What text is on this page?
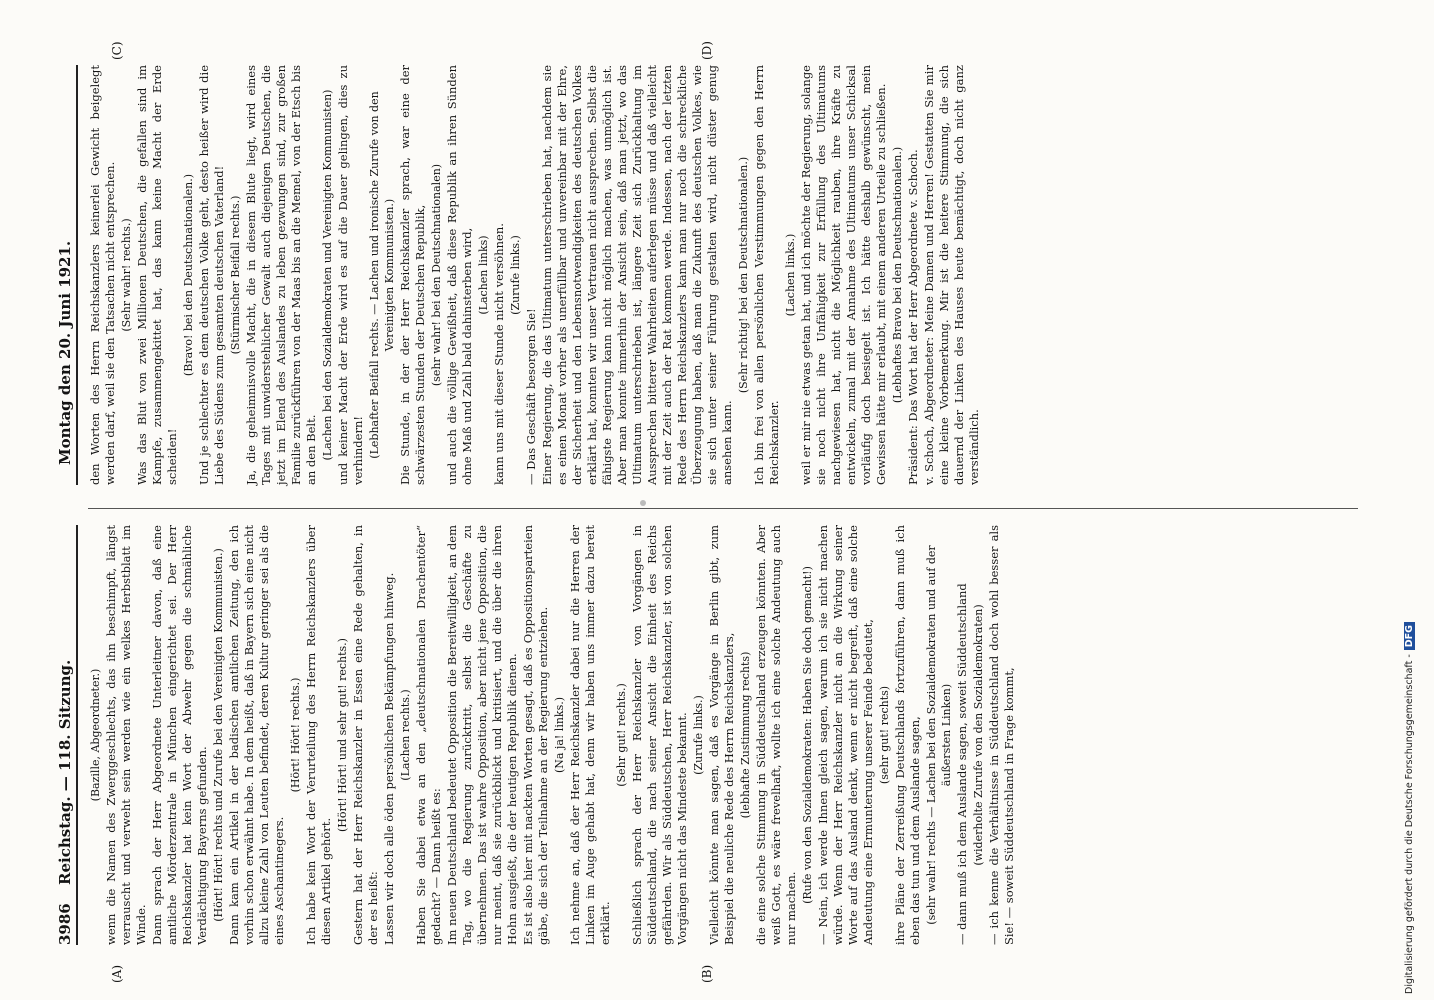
3986
Reichstag. — 118. Sitzung.
Montag den 20. Juni 1921.
(A)	(B)
(C)	(D)

(Bazille, Abgeordneter.) wenn die Namen des Zwerggeschlechts, das ihn beschimpft, längst verrauscht und verweht sein werden wie ein welkes Herbstblatt im Winde. Dann sprach der Herr Abgeordnete Unterleitner davon, daß eine amtliche Mörderzentrale in München eingerichtet sei. Der Herr Reichskanzler hat kein Wort der Abwehr gegen die schmähliche Verdächtigung Bayerns gefunden. (Hört! Hört! rechts und Zurufe bei den Vereinigten Kommunisten.) Dann kam ein Artikel in der badischen amtlichen Zeitung, den ich vorhin schon erwähnt habe. In dem heißt, daß in Bayern sich eine nicht allzu kleine Zahl von Leuten befindet, deren Kultur geringer sei als die eines Aschantinegers.

(Hört! Hört! rechts.) Ich habe kein Wort der Verurteilung des Herrn Reichskanzlers über diesen Artikel gehört.

(Hört! Hört! und sehr gut! rechts.) Gestern hat der Herr Reichskanzler in Essen eine Rede gehalten, in der es heißt: Lassen wir doch alle öden persönlichen Bekämpfungen hinweg. (Lachen rechts.) Haben Sie dabei etwa an den „deutschnationalen Drachentöter“ gedacht? — Dann heißt es: Im neuen Deutschland bedeutet Opposition die Bereitwilligkeit, an dem Tag, wo die Regierung zurücktritt, selbst die Geschäfte zu übernehmen. Das ist wahre Opposition, aber nicht jene Opposition, die nur meint, daß sie zurückblickt und kritisiert, und die über die ihren Hohn ausgießt, die der heutigen Republik dienen. Es ist also hier mit nackten Worten gesagt, daß es Oppositionsparteien gäbe, die sich der Teilnahme an der Regierung entziehen. (Na ja! links.) Ich nehme an, daß der Herr Reichskanzler dabei nur die Herren der Linken im Auge gehabt hat, denn wir haben uns immer dazu bereit erklärt.

(Sehr gut! rechts.) Schließlich sprach der Herr Reichskanzler von Vorgängen in Süddeutschland, die nach seiner Ansicht die Einheit des Reichs gefährden. Wir als Süddeutschen, Herr Reichskanzler, ist von solchen Vorgängen nicht das Mindeste bekannt. (Zurufe links.) Vielleicht könnte man sagen, daß es Vorgänge in Berlin gibt, zum Beispiel die neuliche Rede des Herrn Reichskanzlers, (lebhafte Zustimmung rechts) die eine solche Stimmung in Süddeutschland erzeugen könnten. Aber weiß Gott, es wäre frevelhaft, wollte ich eine solche Andeutung auch nur machen.

(Rufe von den Sozialdemokraten: Haben Sie doch gemacht!) — Nein, ich werde Ihnen gleich sagen, warum ich sie nicht machen würde. Wenn der Herr Reichskanzler nicht an die Wirkung seiner Worte auf das Ausland denkt, wenn er nicht begreift, daß eine solche Andeutung eine Ermunterung unserer Feinde bedeutet, (sehr gut! rechts) ihre Pläne der Zerreißung Deutschlands fortzuführen, dann muß ich eben das tun und dem Auslande sagen, (sehr wahr! rechts — Lachen bei den Sozialdemokraten und auf der äußersten Linken) — dann muß ich dem Auslande sagen, soweit Süddeutschland (widerholte Zurufe von den Sozialdemokraten) — ich kenne die Verhältnisse in Süddeutschland doch wohl besser als Sie! — soweit Süddeutschland in Frage kommt,

den Worten des Herrn Reichskanzlers keinerlei Gewicht beigelegt werden darf, weil sie den Tatsachen nicht entsprechen. (Sehr wahr! rechts.) Was das Blut von zwei Millionen Deutschen, die gefallen sind im Kampfe, zusammengekittet hat, das kann keine Macht der Erde scheiden!

(Bravo! bei den Deutschnationalen.) Und je schlechter es dem deutschen Volke geht, desto heißer wird die Liebe des Südens zum gesamten deutschen Vaterland! (Stürmischer Beifall rechts.) Ja, die geheimnisvolle Macht, die in diesem Blute liegt, wird eines Tages mit unwiderstehlicher Gewalt auch diejenigen Deutschen, die jetzt im Elend des Auslandes zu leben gezwungen sind, zur großen Familie zurückführen von der Maas bis an die Memel, von der Etsch bis an den Belt. (Lachen bei den Sozialdemokraten und Vereinigten Kommunisten) und keiner Macht der Erde wird es auf die Dauer gelingen, dies zu verhindern! (Lebhafter Beifall rechts. — Lachen und ironische Zurufe von den Vereinigten Kommunisten.) Die Stunde, in der der Herr Reichskanzler sprach, war eine der schwärzesten Stunden der Deutschen Republik, (sehr wahr! bei den Deutschnationalen) und auch die völlige Gewißheit, daß diese Republik an ihren Sünden ohne Maß und Zahl bald dahinsterben wird, (Lachen links) kann uns mit dieser Stunde nicht versöhnen. (Zurufe links.)

— Das Geschäft besorgen Sie! Einer Regierung, die das Ultimatum unterschrieben hat, nachdem sie es einen Monat vorher als unerfüllbar und unvereinbar mit der Ehre, der Sicherheit und den Lebensnotwendigkeiten des deutschen Volkes erklärt hat, konnten wir unser Vertrauen nicht aussprechen. Selbst die fähigste Regierung kann nicht möglich machen, was unmöglich ist. Aber man konnte immerhin der Ansicht sein, daß man jetzt, wo das Ultimatum unterschrieben ist, längere Zeit sich Zurückhaltung im Aussprechen bitterer Wahrheiten auferlegen müsse und daß vielleicht mit der Zeit auch der Rat kommen werde. Indessen, nach der letzten Rede des Herrn Reichskanzlers kann man nur noch die schreckliche Überzeugung haben, daß man die Zukunft des deutschen Volkes, wie sie sich unter seiner Führung gestalten wird, nicht düster genug ansehen kann.

(Sehr richtig! bei den Deutschnationalen.) Ich bin frei von allen persönlichen Verstimmungen gegen den Herrn Reichskanzler.

(Lachen links.) weil er mir nie etwas getan hat, und ich möchte der Regierung, solange sie noch nicht ihre Unfähigkeit zur Erfüllung des Ultimatums nachgewiesen hat, nicht die Möglichkeit rauben, ihre Kräfte zu entwickeln, zumal mit der Annahme des Ultimatums unser Schicksal vorläufig doch besiegelt ist. Ich hätte deshalb gewünscht, mein Gewissen hätte mir erlaubt, mit einem anderen Urteile zu schließen. (Lebhaftes Bravo bei den Deutschnationalen.) Präsident: Das Wort hat der Herr Abgeordnete v. Schoch. v. Schoch, Abgeordneter: Meine Damen und Herren! Gestatten Sie mir eine kleine Vorbemerkung. Mir ist die heitere Stimmung, die sich dauernd der Linken des Hauses heute bemächtigt, doch nicht ganz verständlich.

Digitalisierung gefördert durch die Deutsche Forschungsgemeinschaft -DFG
